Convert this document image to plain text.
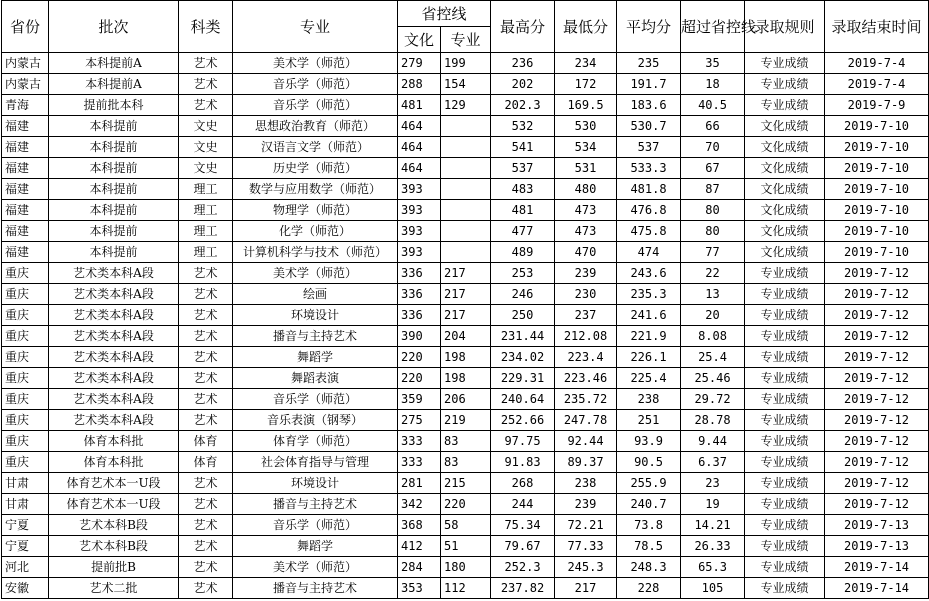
省份	批次	科类	专业	省控线		最高分	最低分	平均分	超过省控线	录取规则	录取结束时间
				文化	专业						
内蒙古	本科提前A	艺术	美术学（师范）	279	199	236	234	235	35	专业成绩	2019-7-4
内蒙古	本科提前A	艺术	音乐学（师范）	288	154	202	172	191.7	18	专业成绩	2019-7-4
青海	提前批本科	艺术	音乐学（师范）	481	129	202.3	169.5	183.6	40.5	专业成绩	2019-7-9
福建	本科提前	文史	思想政治教育（师范）	464		532	530	530.7	66	文化成绩	2019-7-10
福建	本科提前	文史	汉语言文学（师范）	464		541	534	537	70	文化成绩	2019-7-10
福建	本科提前	文史	历史学（师范）	464		537	531	533.3	67	文化成绩	2019-7-10
福建	本科提前	理工	数学与应用数学（师范）	393		483	480	481.8	87	文化成绩	2019-7-10
福建	本科提前	理工	物理学（师范）	393		481	473	476.8	80	文化成绩	2019-7-10
福建	本科提前	理工	化学（师范）	393		477	473	475.8	80	文化成绩	2019-7-10
福建	本科提前	理工	计算机科学与技术（师范）	393		489	470	474	77	文化成绩	2019-7-10
重庆	艺术类本科A段	艺术	美术学（师范）	336	217	253	239	243.6	22	专业成绩	2019-7-12
重庆	艺术类本科A段	艺术	绘画	336	217	246	230	235.3	13	专业成绩	2019-7-12
重庆	艺术类本科A段	艺术	环境设计	336	217	250	237	241.6	20	专业成绩	2019-7-12
重庆	艺术类本科A段	艺术	播音与主持艺术	390	204	231.44	212.08	221.9	8.08	专业成绩	2019-7-12
重庆	艺术类本科A段	艺术	舞蹈学	220	198	234.02	223.4	226.1	25.4	专业成绩	2019-7-12
重庆	艺术类本科A段	艺术	舞蹈表演	220	198	229.31	223.46	225.4	25.46	专业成绩	2019-7-12
重庆	艺术类本科A段	艺术	音乐学（师范）	359	206	240.64	235.72	238	29.72	专业成绩	2019-7-12
重庆	艺术类本科A段	艺术	音乐表演（钢琴）	275	219	252.66	247.78	251	28.78	专业成绩	2019-7-12
重庆	体育本科批	体育	体育学（师范）	333	83	97.75	92.44	93.9	9.44	专业成绩	2019-7-12
重庆	体育本科批	体育	社会体育指导与管理	333	83	91.83	89.37	90.5	6.37	专业成绩	2019-7-12
甘肃	体育艺术本一U段	艺术	环境设计	281	215	268	238	255.9	23	专业成绩	2019-7-12
甘肃	体育艺术本一U段	艺术	播音与主持艺术	342	220	244	239	240.7	19	专业成绩	2019-7-12
宁夏	艺术本科B段	艺术	音乐学（师范）	368	58	75.34	72.21	73.8	14.21	专业成绩	2019-7-13
宁夏	艺术本科B段	艺术	舞蹈学	412	51	79.67	77.33	78.5	26.33	专业成绩	2019-7-13
河北	提前批B	艺术	美术学（师范）	284	180	252.3	245.3	248.3	65.3	专业成绩	2019-7-14
安徽	艺术二批	艺术	播音与主持艺术	353	112	237.82	217	228	105	专业成绩	2019-7-14
